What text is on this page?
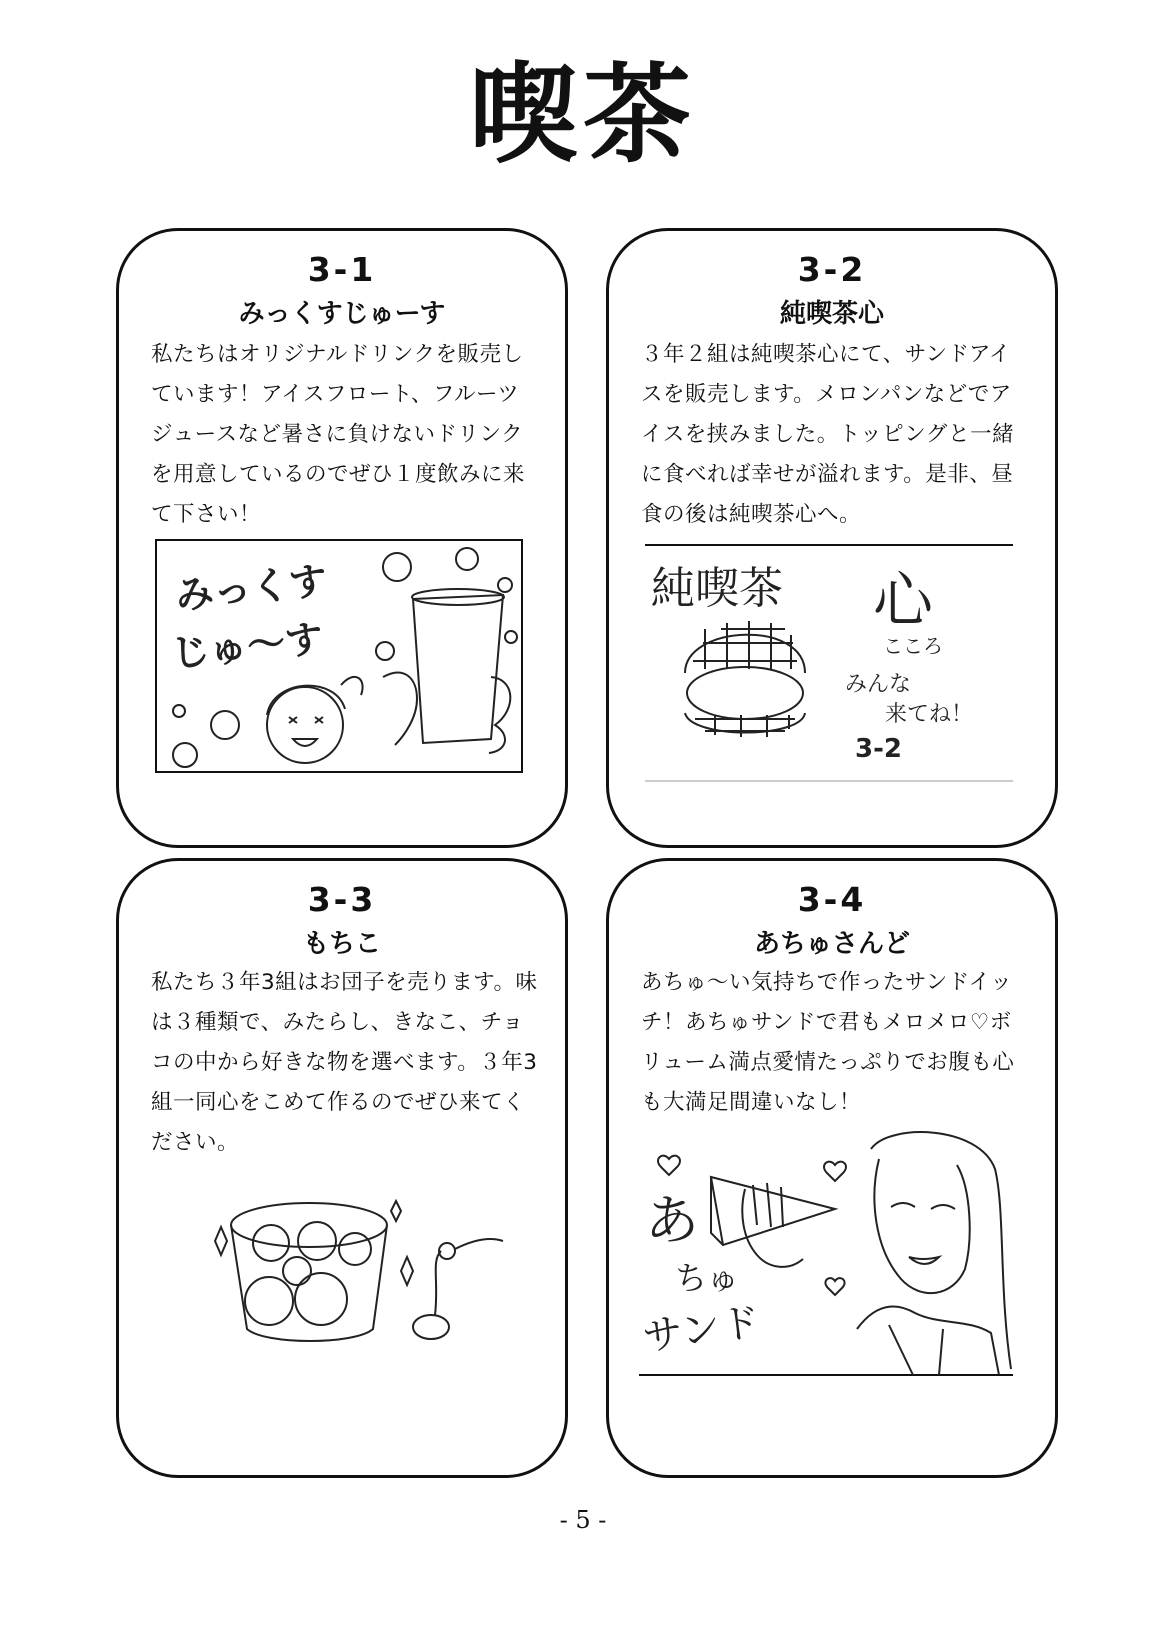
喫茶
3-1
みっくすじゅーす
私たちはオリジナルドリンクを販売しています！アイスフロート、フルーツジュースなど暑さに負けないドリンクを用意しているのでぜひ１度飲みに来て下さい！
みっくす
じゅ〜す
3-2
純喫茶心
３年２組は純喫茶心にて、サンドアイスを販売します。メロンパンなどでアイスを挟みました。トッピングと一緒に食べれば幸せが溢れます。是非、昼食の後は純喫茶心へ。
純喫茶 心
こころ
みんな
来てね！
3-2
3-3
もちこ
私たち３年3組はお団子を売ります。味は３種類で、みたらし、きなこ、チョコの中から好きな物を選べます。３年3組一同心をこめて作るのでぜひ来てください。
3-4
あちゅさんど
あちゅ〜い気持ちで作ったサンドイッチ！あちゅサンドで君もメロメロ♡ボリューム満点愛情たっぷりでお腹も心も大満足間違いなし！
あ
ちゅ
サンド
- 5 -
